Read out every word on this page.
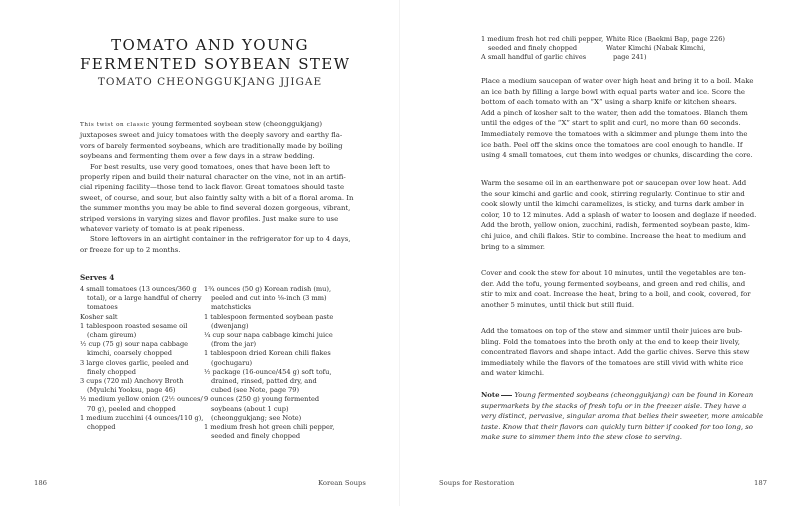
TOMATO AND YOUNG
FERMENTED SOYBEAN STEW
TOMATO CHEONGGUKJANG JJIGAE

This twist on classic young fermented soybean stew (cheonggukjang)

juxtaposes sweet and juicy tomatoes with the deeply savory and earthy fla-

vors of barely fermented soybeans, which are traditionally made by boiling

soybeans and fermenting them over a few days in a straw bedding.

For best results, use very good tomatoes, ones that have been left to

properly ripen and build their natural character on the vine, not in an artifi-

cial ripening facility—those tend to lack flavor. Great tomatoes should taste

sweet, of course, and sour, but also faintly salty with a bit of a floral aroma. In

the summer months you may be able to find several dozen gorgeous, vibrant,

striped versions in varying sizes and flavor profiles. Just make sure to use

whatever variety of tomato is at peak ripeness.

Store leftovers in an airtight container in the refrigerator for up to 4 days,

or freeze for up to 2 months.

Serves 4
4 small tomatoes (13 ounces/360 g
total), or a large handful of cherry
tomatoes
Kosher salt
1 tablespoon roasted sesame oil
(cham gireum)
½ cup (75 g) sour napa cabbage
kimchi, coarsely chopped
3 large cloves garlic, peeled and
finely chopped
3 cups (720 ml) Anchovy Broth
(Myulchi Yooksu, page 46)
½ medium yellow onion (2½ ounces/
70 g), peeled and chopped
1 medium zucchini (4 ounces/110 g),
chopped
1¾ ounces (50 g) Korean radish (mu),
peeled and cut into ⅛-inch (3 mm)
matchsticks
1 tablespoon fermented soybean paste
(dwenjang)
¼ cup sour napa cabbage kimchi juice
(from the jar)
1 tablespoon dried Korean chili flakes
(gochugaru)
½ package (16-ounce/454 g) soft tofu,
drained, rinsed, patted dry, and
cubed (see Note, page 79)
9 ounces (250 g) young fermented
soybeans (about 1 cup)
(cheonggukjang; see Note)
1 medium fresh hot green chili pepper,
seeded and finely chopped
186	Korean Soups
1 medium fresh hot red chili pepper,
seeded and finely chopped
A small handful of garlic chives
White Rice (Baekmi Bap, page 226)
Water Kimchi (Nabak Kimchi,
page 241)
Place a medium saucepan of water over high heat and bring it to a boil. Make
an ice bath by filling a large bowl with equal parts water and ice. Score the
bottom of each tomato with an “X” using a sharp knife or kitchen shears.
Add a pinch of kosher salt to the water, then add the tomatoes. Blanch them
until the edges of the “X” start to split and curl, no more than 60 seconds.
Immediately remove the tomatoes with a skimmer and plunge them into the
ice bath. Peel off the skins once the tomatoes are cool enough to handle. If
using 4 small tomatoes, cut them into wedges or chunks, discarding the core.
Warm the sesame oil in an earthenware pot or saucepan over low heat. Add
the sour kimchi and garlic and cook, stirring regularly. Continue to stir and
cook slowly until the kimchi caramelizes, is sticky, and turns dark amber in
color, 10 to 12 minutes. Add a splash of water to loosen and deglaze if needed.
Add the broth, yellow onion, zucchini, radish, fermented soybean paste, kim-
chi juice, and chili flakes. Stir to combine. Increase the heat to medium and
bring to a simmer.
Cover and cook the stew for about 10 minutes, until the vegetables are ten-
der. Add the tofu, young fermented soybeans, and green and red chilis, and
stir to mix and coat. Increase the heat, bring to a boil, and cook, covered, for
another 5 minutes, until thick but still fluid.
Add the tomatoes on top of the stew and simmer until their juices are bub-
bling. Fold the tomatoes into the broth only at the end to keep their lively,
concentrated flavors and shape intact. Add the garlic chives. Serve this stew
immediately while the flavors of the tomatoes are still vivid with white rice
and water kimchi.
Note Young fermented soybeans (cheonggukjang) can be found in Korean
supermarkets by the stacks of fresh tofu or in the freezer aisle. They have a
very distinct, pervasive, singular aroma that belies their sweeter, more amicable
taste. Know that their flavors can quickly turn bitter if cooked for too long, so
make sure to simmer them into the stew close to serving.
Soups for Restoration	187
